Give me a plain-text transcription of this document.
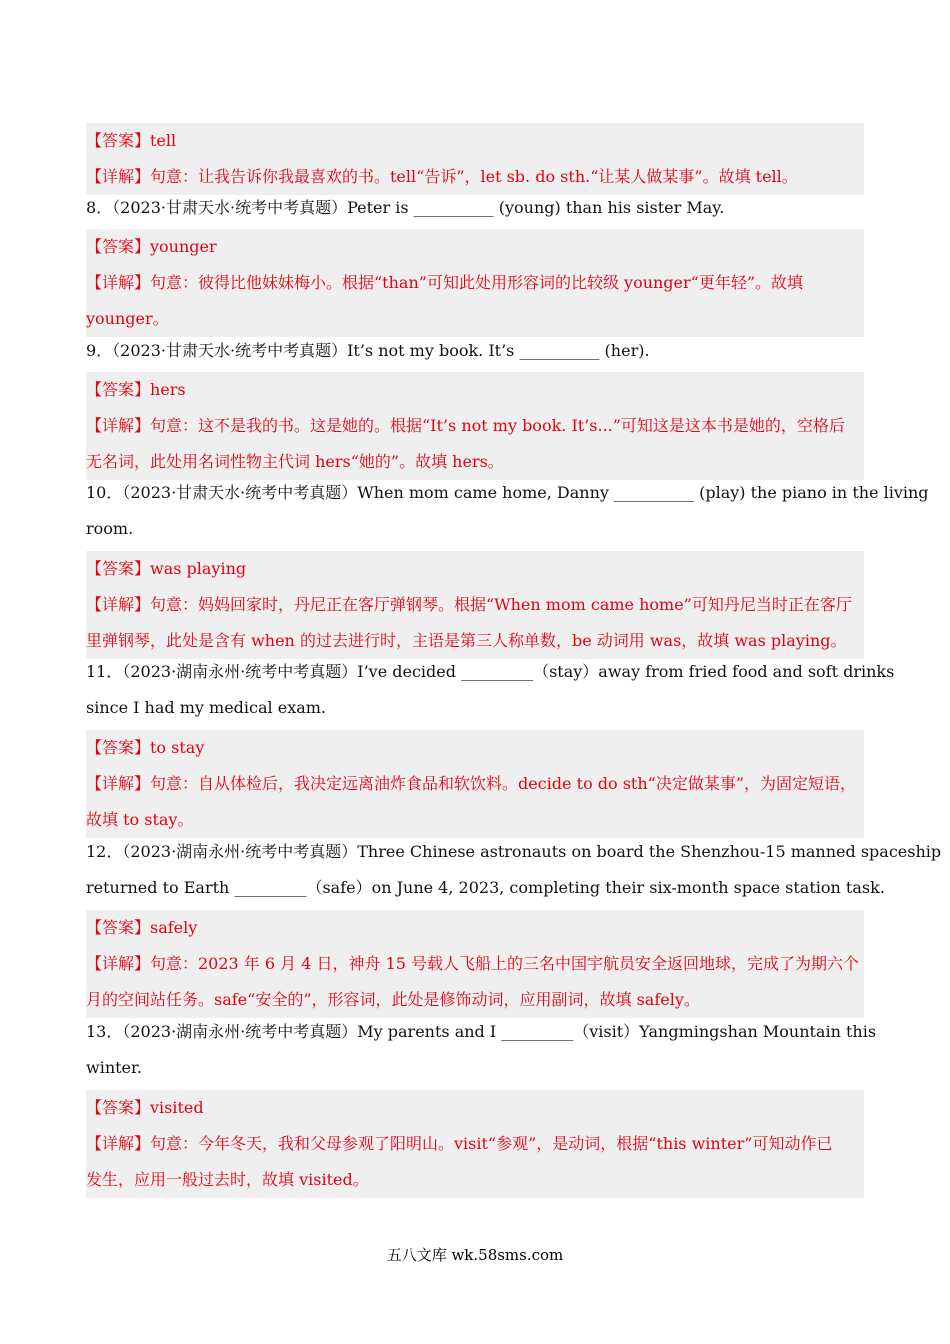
【答案】tell
【详解】句意：让我告诉你我最喜欢的书。tell“告诉”，let sb. do sth.“让某人做某事”。故填 tell。
8．（2023·甘肃天水·统考中考真题）Peter is __________ (young) than his sister May.
【答案】younger
【详解】句意：彼得比他妹妹梅小。根据“than”可知此处用形容词的比较级 younger“更年轻”。故填
younger。
9．（2023·甘肃天水·统考中考真题）It’s not my book. It’s __________ (her).
【答案】hers
【详解】句意：这不是我的书。这是她的。根据“It’s not my book. It’s...”可知这是这本书是她的，空格后
无名词，此处用名词性物主代词 hers“她的”。故填 hers。
10．（2023·甘肃天水·统考中考真题）When mom came home, Danny __________ (play) the piano in the living
room.
【答案】was playing
【详解】句意：妈妈回家时，丹尼正在客厅弹钢琴。根据“When mom came home”可知丹尼当时正在客厅
里弹钢琴，此处是含有 when 的过去进行时，主语是第三人称单数，be 动词用 was，故填 was playing。
11．（2023·湖南永州·统考中考真题）I’ve decided _________（stay）away from fried food and soft drinks
since I had my medical exam.
【答案】to stay
【详解】句意：自从体检后，我决定远离油炸食品和软饮料。decide to do sth“决定做某事”，为固定短语，
故填 to stay。
12．（2023·湖南永州·统考中考真题）Three Chinese astronauts on board the Shenzhou-15 manned spaceship
returned to Earth _________（safe）on June 4, 2023, completing their six-month space station task.
【答案】safely
【详解】句意：2023 年 6 月 4 日，神舟 15 号载人飞船上的三名中国宇航员安全返回地球，完成了为期六个
月的空间站任务。safe“安全的”，形容词，此处是修饰动词，应用副词，故填 safely。
13．（2023·湖南永州·统考中考真题）My parents and I _________（visit）Yangmingshan Mountain this
winter.
【答案】visited
【详解】句意：今年冬天，我和父母参观了阳明山。visit“参观”，是动词，根据“this winter”可知动作已
发生，应用一般过去时，故填 visited。
五八文库 wk.58sms.com
